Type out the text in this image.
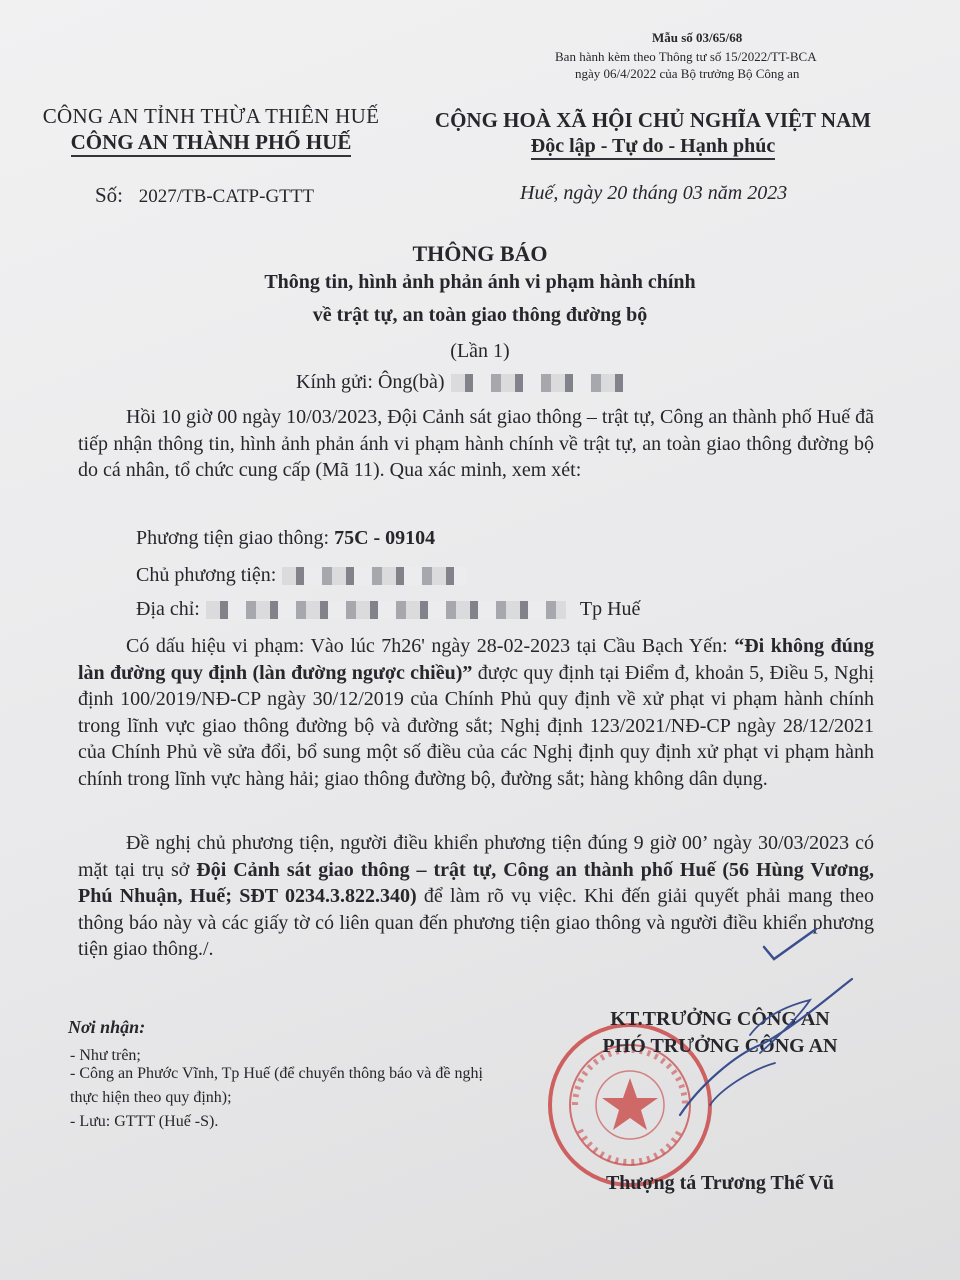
Mẫu số 03/65/68
Ban hành kèm theo Thông tư số 15/2022/TT-BCA
ngày 06/4/2022 của Bộ trưởng Bộ Công an
CÔNG AN TỈNH THỪA THIÊN HUẾ
CÔNG AN THÀNH PHỐ HUẾ
CỘNG HOÀ XÃ HỘI CHỦ NGHĨA VIỆT NAM
Độc lập - Tự do - Hạnh phúc
Số: 2027/TB-CATP-GTTT	Huế, ngày 20 tháng 03 năm 2023
THÔNG BÁO
Thông tin, hình ảnh phản ánh vi phạm hành chính
về trật tự, an toàn giao thông đường bộ
(Lần 1)
Kính gửi: Ông(bà)

Hồi 10 giờ 00 ngày 10/03/2023, Đội Cảnh sát giao thông – trật tự, Công an thành phố Huế đã tiếp nhận thông tin, hình ảnh phản ánh vi phạm hành chính về trật tự, an toàn giao thông đường bộ do cá nhân, tổ chức cung cấp (Mã 11). Qua xác minh, xem xét:

Phương tiện giao thông: 75C - 09104
Chủ phương tiện:
Địa chỉ:	Tp Huế

Có dấu hiệu vi phạm: Vào lúc 7h26' ngày 28-02-2023 tại Cầu Bạch Yến: “Đi không đúng làn đường quy định (làn đường ngược chiều)” được quy định tại Điểm đ, khoản 5, Điều 5, Nghị định 100/2019/NĐ-CP ngày 30/12/2019 của Chính Phủ quy định về xử phạt vi phạm hành chính trong lĩnh vực giao thông đường bộ và đường sắt; Nghị định 123/2021/NĐ-CP ngày 28/12/2021 của Chính Phủ về sửa đổi, bổ sung một số điều của các Nghị định quy định xử phạt vi phạm hành chính trong lĩnh vực hàng hải; giao thông đường bộ, đường sắt; hàng không dân dụng.

Đề nghị chủ phương tiện, người điều khiển phương tiện đúng 9 giờ 00’ ngày 30/03/2023 có mặt tại trụ sở Đội Cảnh sát giao thông – trật tự, Công an thành phố Huế (56 Hùng Vương, Phú Nhuận, Huế; SĐT 0234.3.822.340) để làm rõ vụ việc. Khi đến giải quyết phải mang theo thông báo này và các giấy tờ có liên quan đến phương tiện giao thông và người điều khiển phương tiện giao thông./.

Nơi nhận:
- Như trên;
- Công an Phước Vĩnh, Tp Huế (để chuyển thông báo và đề nghị thực hiện theo quy định);
- Lưu: GTTT (Huế -S).
KT.TRƯỞNG CÔNG AN
PHÓ TRƯỞNG CÔNG AN
Thượng tá Trương Thế Vũ
